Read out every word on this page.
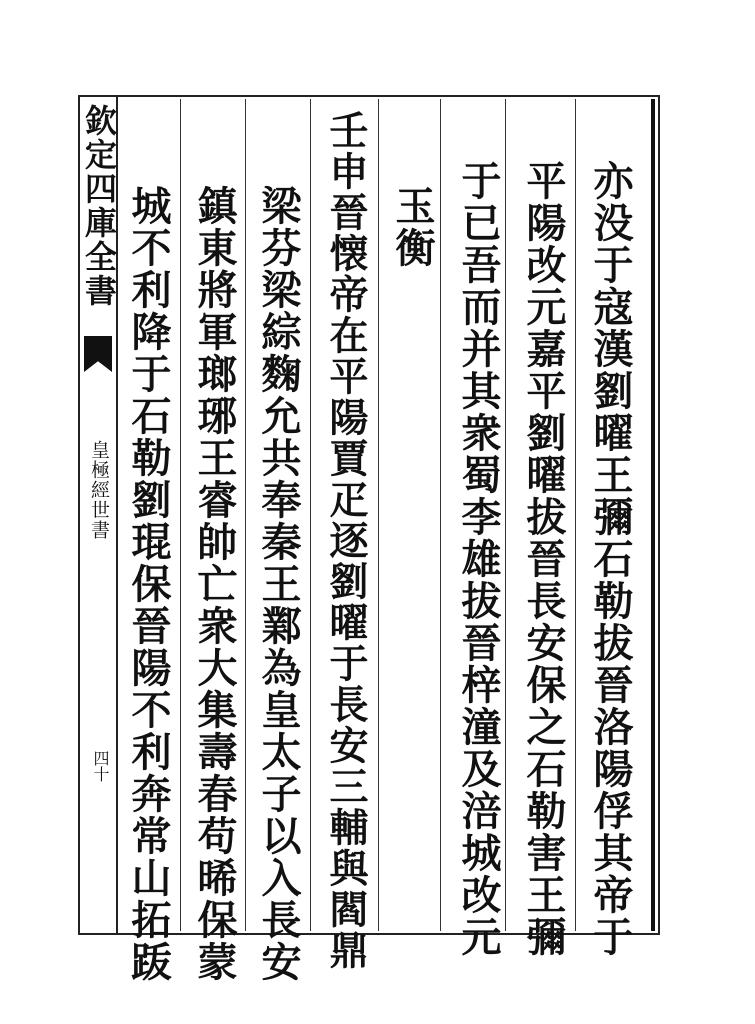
欽定四庫全書
皇極經世書
四十	亦没于寇漢劉曜王彌石勒拔晉洛陽俘其帝于
平陽改元嘉平劉曜拔晉長安保之石勒害王彌
于已吾而并其衆蜀李雄拔晉梓潼及涪城改元
玉衡
壬申晉懐帝在平陽賈疋逐劉曜于長安三輔與閻鼎
梁芬梁綜麴允共奉秦王鄴為皇太子以入長安
鎮東將軍瑯琊王睿帥亡衆大集壽春苟晞保蒙
城不利降于石勒劉琨保晉陽不利奔常山拓䟦
